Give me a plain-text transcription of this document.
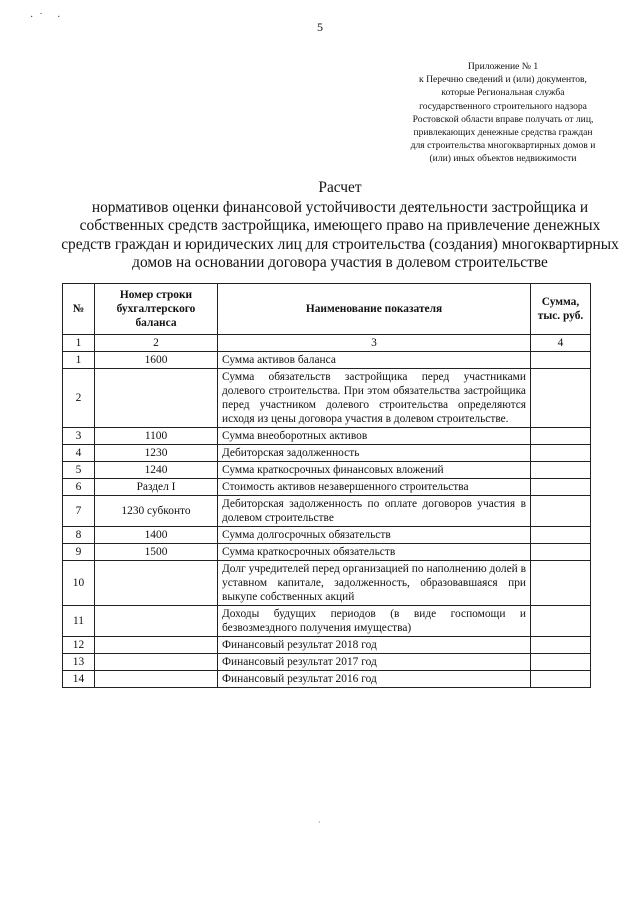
·˙ ·
5
Приложение № 1
к Перечню сведений и (или) документов,
которые Региональная служба
государственного строительного надзора
Ростовской области вправе получать от лиц,
привлекающих денежные средства граждан
для строительства многоквартирных домов и
(или) иных объектов недвижимости
Расчет
нормативов оценки финансовой устойчивости деятельности застройщика и собственных средств застройщика, имеющего право на привлечение денежных средств граждан и юридических лиц для строительства (создания) многоквартирных домов на основании договора участия в долевом строительстве
№	Номер строки бухгалтерского баланса	Наименование показателя	Сумма, тыс. руб.
1	2	3	4
1	1600	Сумма активов баланса	
2		Сумма обязательств застройщика перед участниками долевого строительства. При этом обязательства застройщика перед участником долевого строительства определяются исходя из цены договора участия в долевом строительстве.	
3	1100	Сумма внеоборотных активов	
4	1230	Дебиторская задолженность	
5	1240	Сумма краткосрочных финансовых вложений	
6	Раздел I	Стоимость активов незавершенного строительства	
7	1230 субконто	Дебиторская задолженность по оплате договоров участия в долевом строительстве	
8	1400	Сумма долгосрочных обязательств	
9	1500	Сумма краткосрочных обязательств	
10		Долг учредителей перед организацией по наполнению долей в уставном капитале, задолженность, образовавшаяся при выкупе собственных акций	
11		Доходы будущих периодов (в виде госпомощи и безвозмездного получения имущества)	
12		Финансовый результат 2018 год	
13		Финансовый результат 2017 год	
14		Финансовый результат 2016 год	
·
